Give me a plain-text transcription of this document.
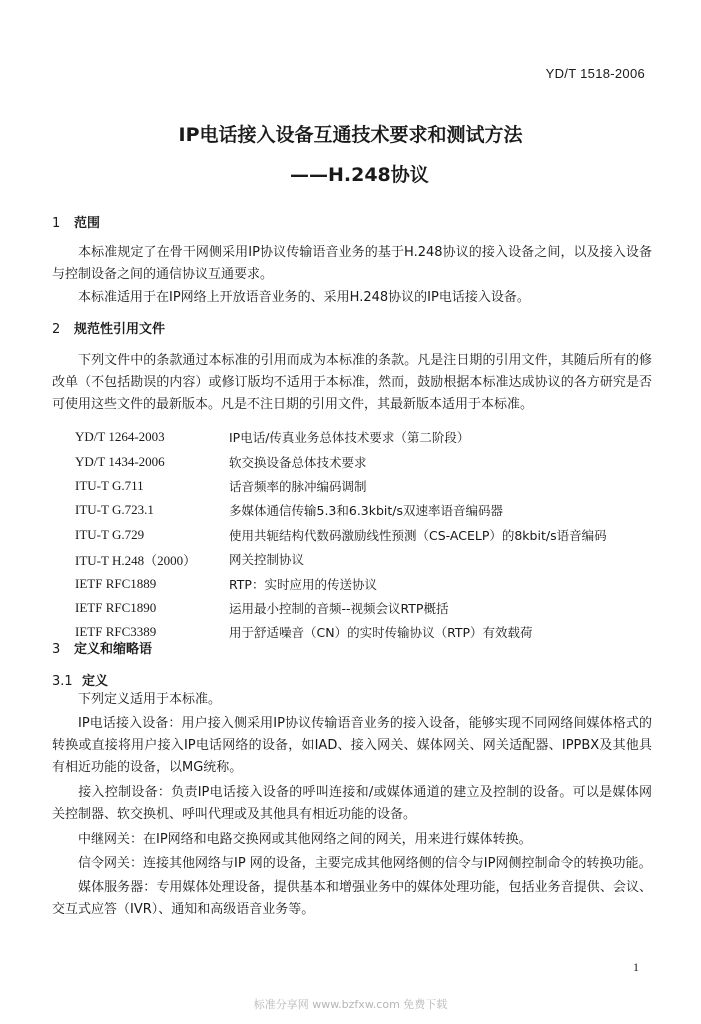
YD/T 1518-2006
IP电话接入设备互通技术要求和测试方法
——H.248协议
1 范围
本标准规定了在骨干网侧采用IP协议传输语音业务的基于H.248协议的接入设备之间，以及接入设备与控制设备之间的通信协议互通要求。
本标准适用于在IP网络上开放语音业务的、采用H.248协议的IP电话接入设备。
2 规范性引用文件
下列文件中的条款通过本标准的引用而成为本标准的条款。凡是注日期的引用文件，其随后所有的修改单（不包括勘误的内容）或修订版均不适用于本标准，然而，鼓励根据本标准达成协议的各方研究是否可使用这些文件的最新版本。凡是不注日期的引用文件，其最新版本适用于本标准。
YD/T 1264-2003	IP电话/传真业务总体技术要求（第二阶段）
YD/T 1434-2006	软交换设备总体技术要求
ITU-T G.711	话音频率的脉冲编码调制
ITU-T G.723.1	多媒体通信传输5.3和6.3kbit/s双速率语音编码器
ITU-T G.729	使用共轭结构代数码激励线性预测（CS-ACELP）的8kbit/s语音编码
ITU-T H.248（2000）	网关控制协议
IETF RFC1889	RTP：实时应用的传送协议
IETF RFC1890	运用最小控制的音频--视频会议RTP概括
IETF RFC3389	用于舒适噪音（CN）的实时传输协议（RTP）有效载荷
3 定义和缩略语
3.1 定义
下列定义适用于本标准。
IP电话接入设备：用户接入侧采用IP协议传输语音业务的接入设备，能够实现不同网络间媒体格式的转换或直接将用户接入IP电话网络的设备，如IAD、接入网关、媒体网关、网关适配器、IPPBX及其他具有相近功能的设备，以MG统称。
接入控制设备：负责IP电话接入设备的呼叫连接和/或媒体通道的建立及控制的设备。可以是媒体网关控制器、软交换机、呼叫代理或及其他具有相近功能的设备。
中继网关：在IP网络和电路交换网或其他网络之间的网关，用来进行媒体转换。
信令网关：连接其他网络与IP 网的设备，主要完成其他网络侧的信令与IP网侧控制命令的转换功能。
媒体服务器：专用媒体处理设备，提供基本和增强业务中的媒体处理功能，包括业务音提供、会议、交互式应答（IVR）、通知和高级语音业务等。
1
标准分享网 www.bzfxw.com 免费下载
